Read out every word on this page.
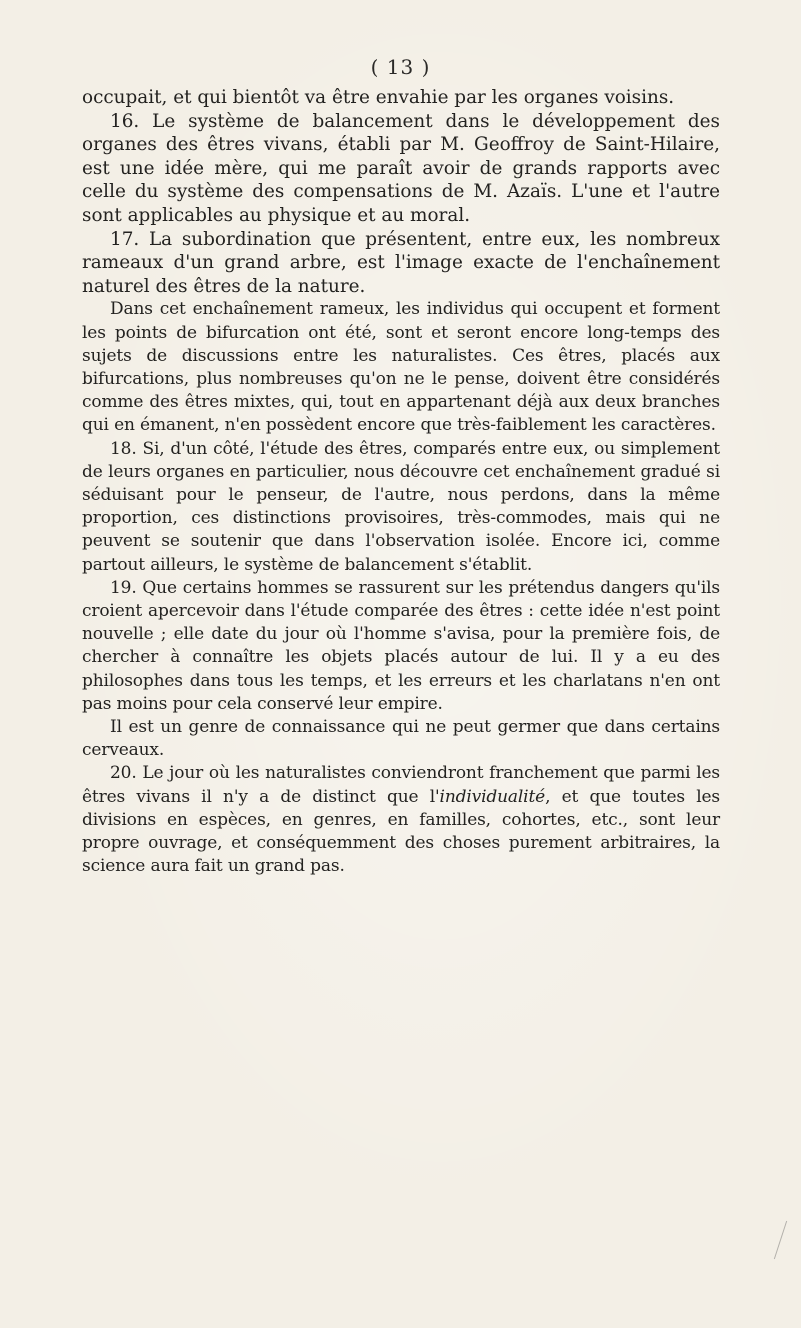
( 13 )

occupait, et qui bientôt va être envahie par les organes voisins.

16. Le système de balancement dans le développement des organes des êtres vivans, établi par M. Geoffroy de Saint-Hilaire, est une idée mère, qui me paraît avoir de grands rapports avec celle du système des compensations de M. Azaïs. L'une et l'autre sont applicables au physique et au moral.

17. La subordination que présentent, entre eux, les nombreux rameaux d'un grand arbre, est l'image exacte de l'enchaînement naturel des êtres de la nature.

Dans cet enchaînement rameux, les individus qui occupent et forment les points de bifurcation ont été, sont et seront encore long-temps des sujets de discussions entre les naturalistes. Ces êtres, placés aux bifurcations, plus nombreuses qu'on ne le pense, doivent être considérés comme des êtres mixtes, qui, tout en appartenant déjà aux deux branches qui en émanent, n'en possèdent encore que très-faiblement les caractères.

18. Si, d'un côté, l'étude des êtres, comparés entre eux, ou simplement de leurs organes en particulier, nous découvre cet enchaînement gradué si séduisant pour le penseur, de l'autre, nous perdons, dans la même proportion, ces distinctions provisoires, très-commodes, mais qui ne peuvent se soutenir que dans l'observation isolée. Encore ici, comme partout ailleurs, le système de balancement s'établit.

19. Que certains hommes se rassurent sur les prétendus dangers qu'ils croient apercevoir dans l'étude comparée des êtres : cette idée n'est point nouvelle ; elle date du jour où l'homme s'avisa, pour la première fois, de chercher à connaître les objets placés autour de lui. Il y a eu des philosophes dans tous les temps, et les erreurs et les charlatans n'en ont pas moins pour cela conservé leur empire.

Il est un genre de connaissance qui ne peut germer que dans certains cerveaux.

20. Le jour où les naturalistes conviendront franchement que parmi les êtres vivans il n'y a de distinct que l'individualité, et que toutes les divisions en espèces, en genres, en familles, cohortes, etc., sont leur propre ouvrage, et conséquemment des choses purement arbitraires, la science aura fait un grand pas.
